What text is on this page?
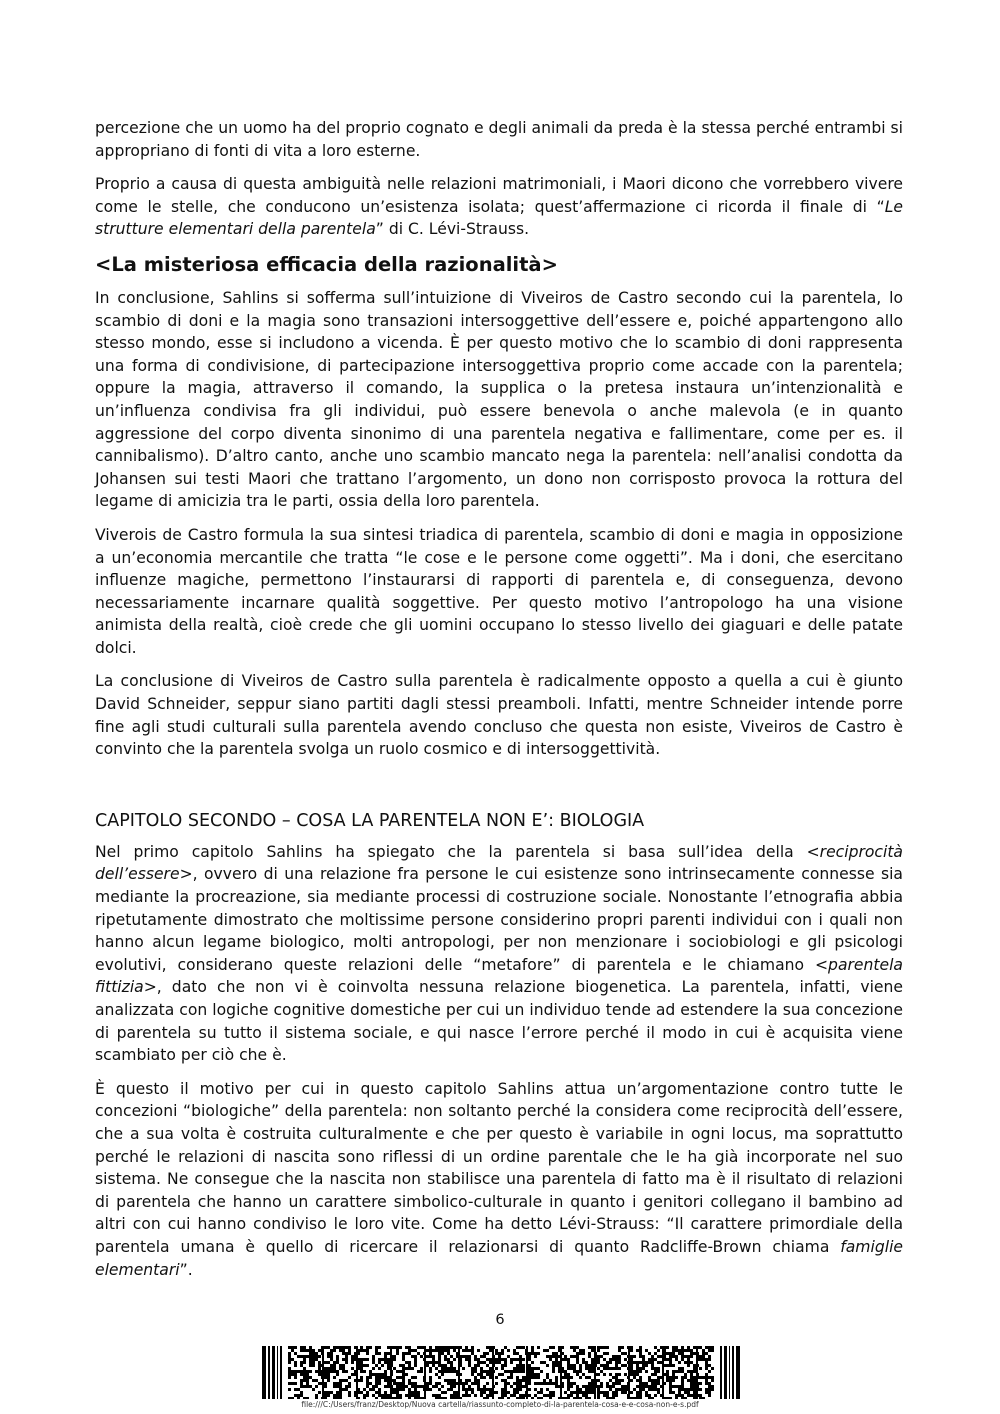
percezione che un uomo ha del proprio cognato e degli animali da preda è la stessa perché entrambi si appropriano di fonti di vita a loro esterne.

Proprio a causa di questa ambiguità nelle relazioni matrimoniali, i Maori dicono che vorrebbero vivere come le stelle, che conducono un’esistenza isolata; quest’affermazione ci ricorda il finale di “Le strutture elementari della parentela” di C. Lévi-Strauss.

<La misteriosa efficacia della razionalità>

In conclusione, Sahlins si sofferma sull’intuizione di Viveiros de Castro secondo cui la parentela, lo scambio di doni e la magia sono transazioni intersoggettive dell’essere e, poiché appartengono allo stesso mondo, esse si includono a vicenda. È per questo motivo che lo scambio di doni rappresenta una forma di condivisione, di partecipazione intersoggettiva proprio come accade con la parentela; oppure la magia, attraverso il comando, la supplica o la pretesa instaura un’intenzionalità e un’influenza condivisa fra gli individui, può essere benevola o anche malevola (e in quanto aggressione del corpo diventa sinonimo di una parentela negativa e fallimentare, come per es. il cannibalismo). D’altro canto, anche uno scambio mancato nega la parentela: nell’analisi condotta da Johansen sui testi Maori che trattano l’argomento, un dono non corrisposto provoca la rottura del legame di amicizia tra le parti, ossia della loro parentela.

Viverois de Castro formula la sua sintesi triadica di parentela, scambio di doni e magia in opposizione a un’economia mercantile che tratta “le cose e le persone come oggetti”. Ma i doni, che esercitano influenze magiche, permettono l’instaurarsi di rapporti di parentela e, di conseguenza, devono necessariamente incarnare qualità soggettive. Per questo motivo l’antropologo ha una visione animista della realtà, cioè crede che gli uomini occupano lo stesso livello dei giaguari e delle patate dolci.

La conclusione di Viveiros de Castro sulla parentela è radicalmente opposto a quella a cui è giunto David Schneider, seppur siano partiti dagli stessi preamboli. Infatti, mentre Schneider intende porre fine agli studi culturali sulla parentela avendo concluso che questa non esiste, Viveiros de Castro è convinto che la parentela svolga un ruolo cosmico e di intersoggettività.

CAPITOLO SECONDO – COSA LA PARENTELA NON E’: BIOLOGIA

Nel primo capitolo Sahlins ha spiegato che la parentela si basa sull’idea della <reciprocità dell’essere>, ovvero di una relazione fra persone le cui esistenze sono intrinsecamente connesse sia mediante la procreazione, sia mediante processi di costruzione sociale. Nonostante l’etnografia abbia ripetutamente dimostrato che moltissime persone considerino propri parenti individui con i quali non hanno alcun legame biologico, molti antropologi, per non menzionare i sociobiologi e gli psicologi evolutivi, considerano queste relazioni delle “metafore” di parentela e le chiamano <parentela fittizia>, dato che non vi è coinvolta nessuna relazione biogenetica. La parentela, infatti, viene analizzata con logiche cognitive domestiche per cui un individuo tende ad estendere la sua concezione di parentela su tutto il sistema sociale, e qui nasce l’errore perché il modo in cui è acquisita viene scambiato per ciò che è.

È questo il motivo per cui in questo capitolo Sahlins attua un’argomentazione contro tutte le concezioni “biologiche” della parentela: non soltanto perché la considera come reciprocità dell’essere, che a sua volta è costruita culturalmente e che per questo è variabile in ogni locus, ma soprattutto perché le relazioni di nascita sono riflessi di un ordine parentale che le ha già incorporate nel suo sistema. Ne consegue che la nascita non stabilisce una parentela di fatto ma è il risultato di relazioni di parentela che hanno un carattere simbolico-culturale in quanto i genitori collegano il bambino ad altri con cui hanno condiviso le loro vite. Come ha detto Lévi-Strauss: “Il carattere primordiale della parentela umana è quello di ricercare il relazionarsi di quanto Radcliffe-Brown chiama famiglie elementari”.

6
file:///C:/Users/franz/Desktop/Nuova cartella/riassunto-completo-di-la-parentela-cosa-e-e-cosa-non-e-s.pdf
